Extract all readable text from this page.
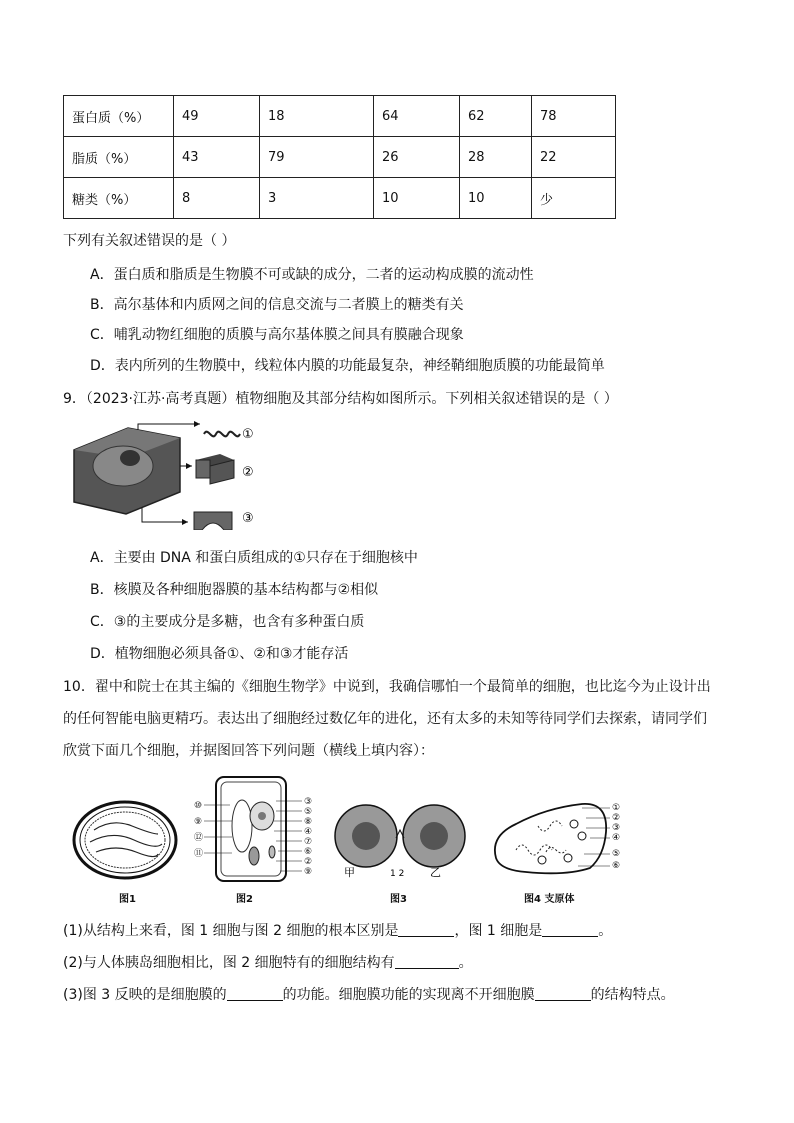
蛋白质（%）	49	18	64	62	78
脂质（%）	43	79	26	28	22
糖类（%）	8	3	10	10	少
下列有关叙述错误的是（ ）
A．蛋白质和脂质是生物膜不可或缺的成分，二者的运动构成膜的流动性
B．高尔基体和内质网之间的信息交流与二者膜上的糖类有关
C．哺乳动物红细胞的质膜与高尔基体膜之间具有膜融合现象
D．表内所列的生物膜中，线粒体内膜的功能最复杂，神经鞘细胞质膜的功能最简单
9．（2023·江苏·高考真题）植物细胞及其部分结构如图所示。下列相关叙述错误的是（ ）
①
②
③
A．主要由 DNA 和蛋白质组成的①只存在于细胞核中
B．核膜及各种细胞器膜的基本结构都与②相似
C．③的主要成分是多糖，也含有多种蛋白质
D．植物细胞必须具备①、②和③才能存活
10．翟中和院士在其主编的《细胞生物学》中说到，我确信哪怕一个最简单的细胞，也比迄今为止设计出
的任何智能电脑更精巧。表达出了细胞经过数亿年的进化，还有太多的未知等待同学们去探索，请同学们
欣赏下面几个细胞，并据图回答下列问题（横线上填内容）：
图1
⑩
⑨
⑫
⑪
③
⑤
⑧
④
⑦
⑥
②
⑨
图2
甲	1 2 乙
图3
①
②
③
④
⑤
⑥
图4 支原体
(1)从结构上来看，图 1 细胞与图 2 细胞的根本区别是	，图 1 细胞是	。
(2)与人体胰岛细胞相比，图 2 细胞特有的细胞结构有	。
(3)图 3 反映的是细胞膜的	的功能。细胞膜功能的实现离不开细胞膜	的结构特点。
